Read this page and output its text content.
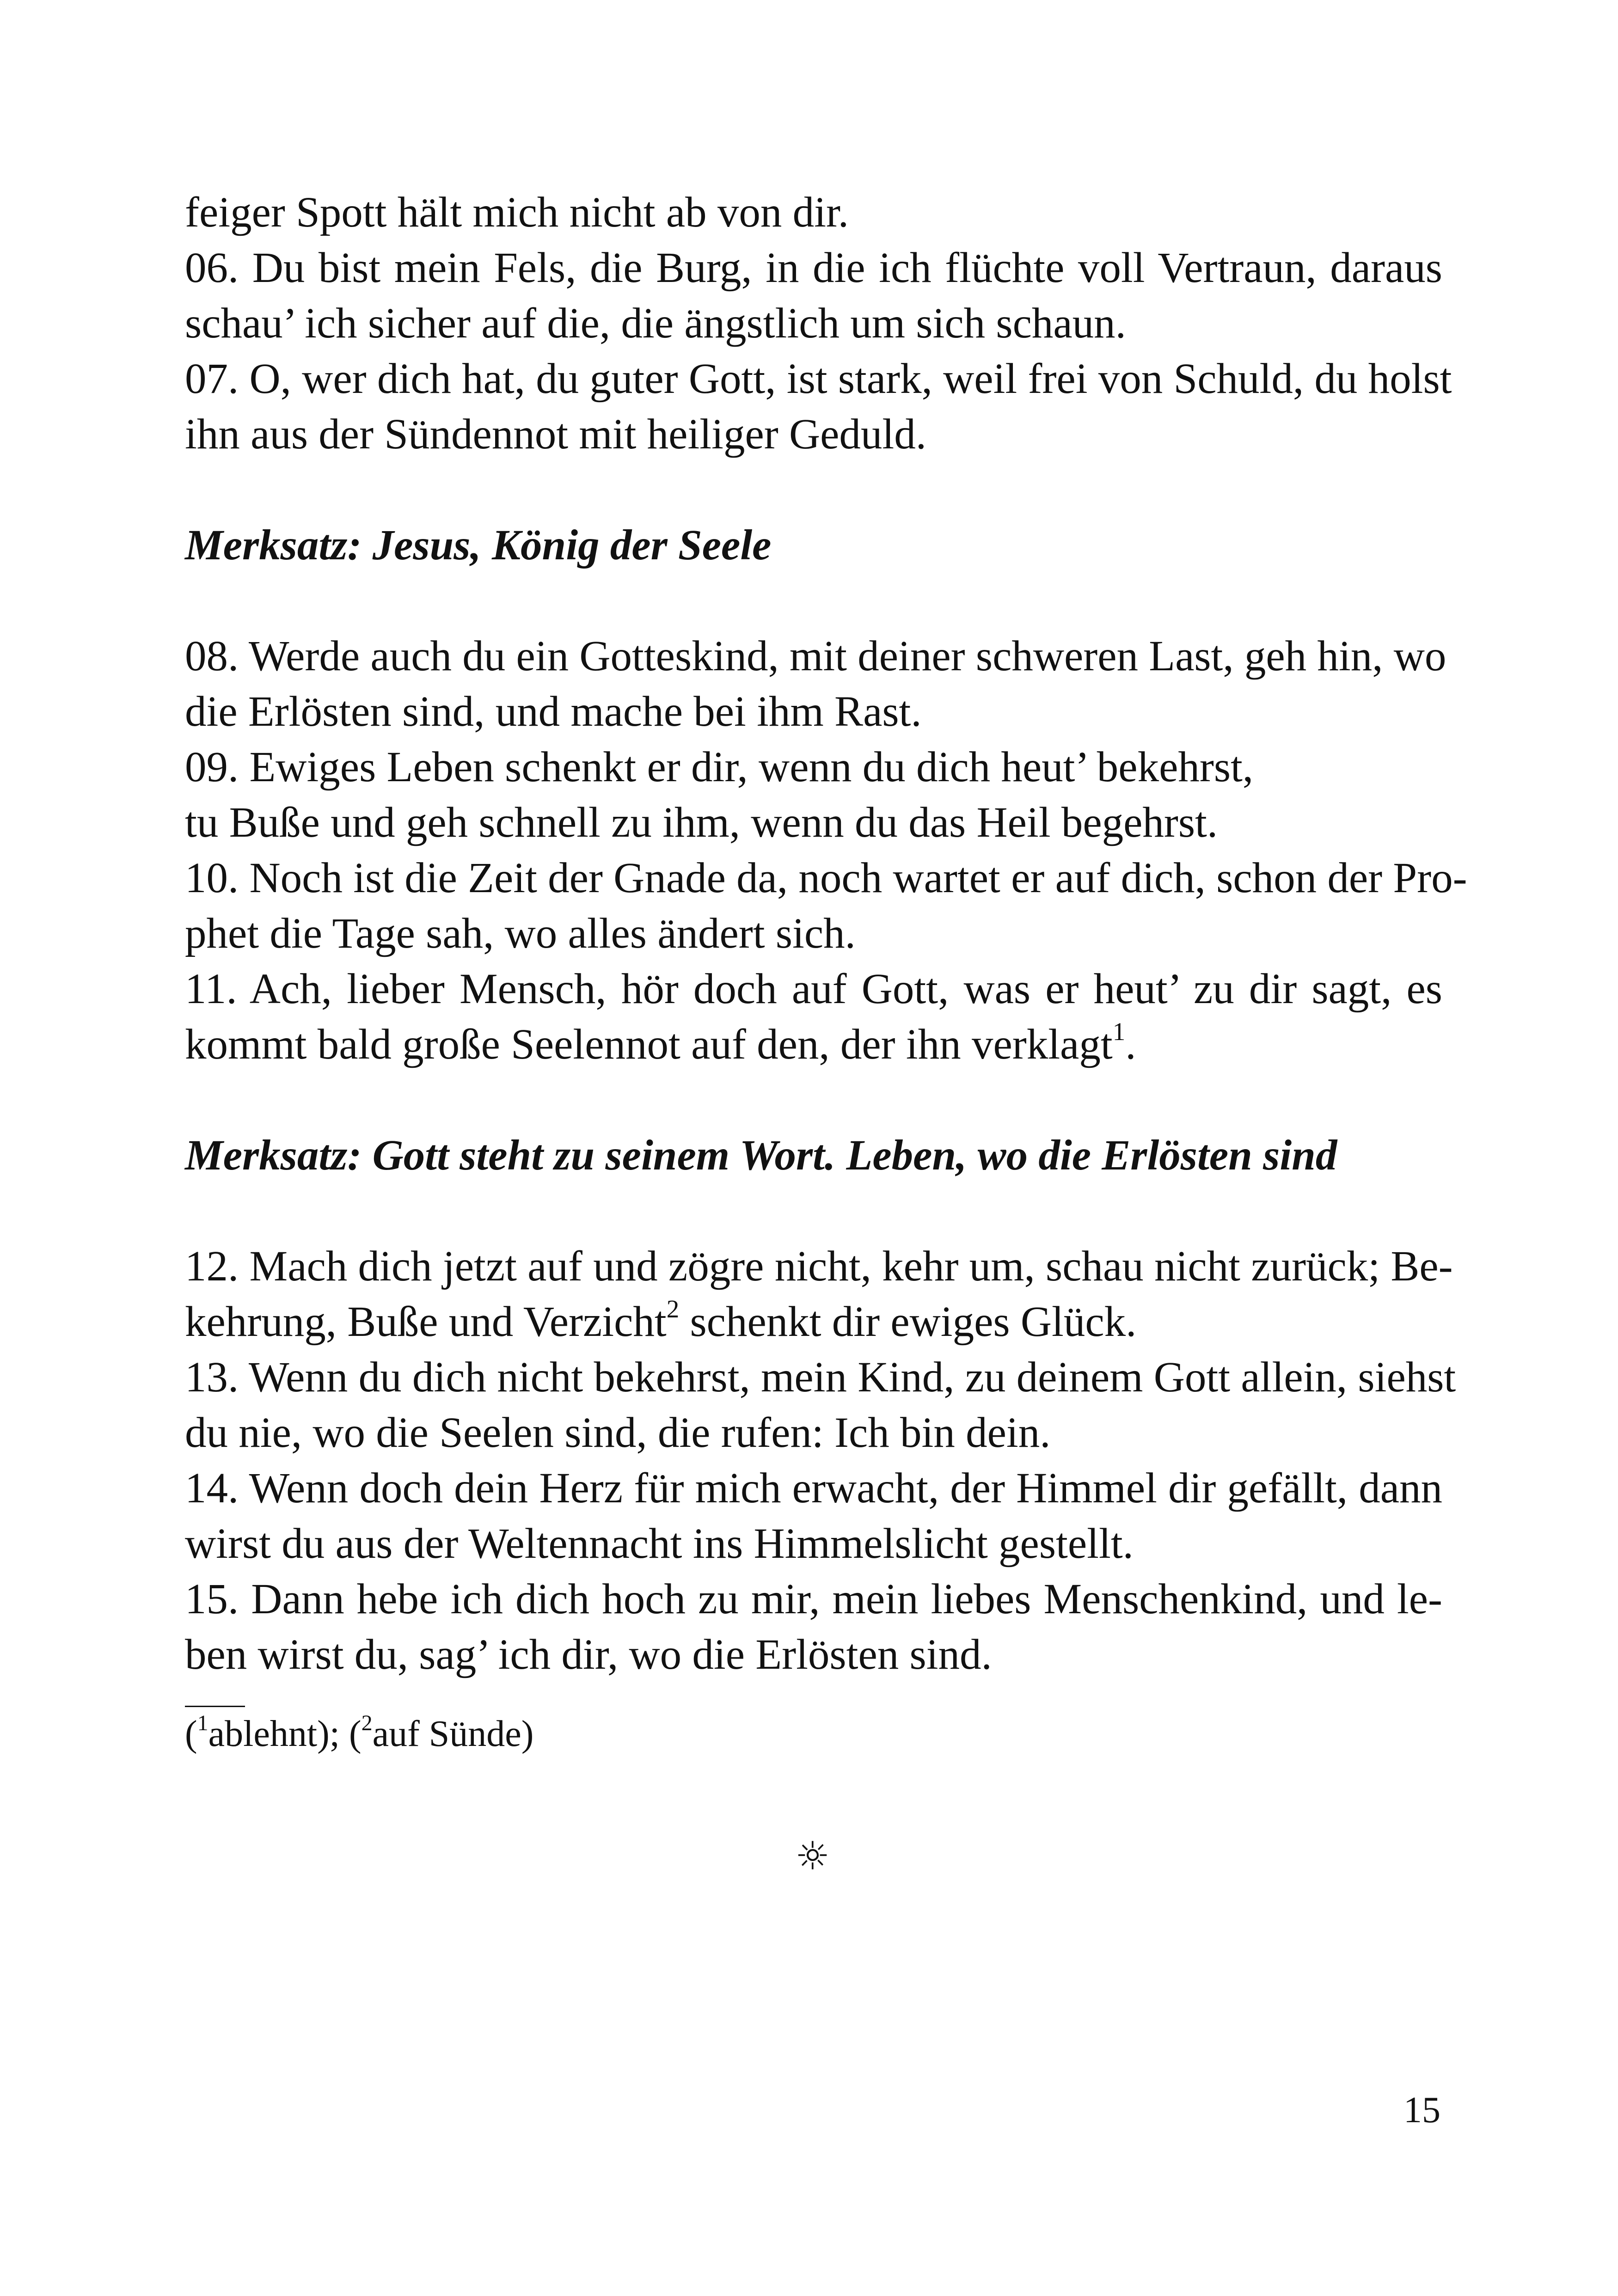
feiger Spott hält mich nicht ab von dir.
06. Du bist mein Fels, die Burg, in die ich flüchte voll Vertraun, daraus
schau’ ich sicher auf die, die ängstlich um sich schaun.
07. O, wer dich hat, du guter Gott, ist stark, weil frei von Schuld, du holst
ihn aus der Sündennot mit heiliger Geduld.
Merksatz: Jesus, König der Seele
08. Werde auch du ein Gotteskind, mit deiner schweren Last, geh hin, wo
die Erlösten sind, und mache bei ihm Rast.
09. Ewiges Leben schenkt er dir, wenn du dich heut’ bekehrst,
tu Buße und geh schnell zu ihm, wenn du das Heil begehrst.
10. Noch ist die Zeit der Gnade da, noch wartet er auf dich, schon der Pro-
phet die Tage sah, wo alles ändert sich.
11. Ach, lieber Mensch, hör doch auf Gott, was er heut’ zu dir sagt, es
kommt bald große Seelennot auf den, der ihn verklagt$^1$.
Merksatz: Gott steht zu seinem Wort. Leben, wo die Erlösten sind
12. Mach dich jetzt auf und zögre nicht, kehr um, schau nicht zurück; Be-
kehrung, Buße und Verzicht$^2$ schenkt dir ewiges Glück.
13. Wenn du dich nicht bekehrst, mein Kind, zu deinem Gott allein, siehst
du nie, wo die Seelen sind, die rufen: Ich bin dein.
14. Wenn doch dein Herz für mich erwacht, der Himmel dir gefällt, dann
wirst du aus der Weltennacht ins Himmelslicht gestellt.
15. Dann hebe ich dich hoch zu mir, mein liebes Menschenkind, und le-
ben wirst du, sag’ ich dir, wo die Erlösten sind.
($^1$ablehnt); ($^2$auf Sünde)
☼
15
